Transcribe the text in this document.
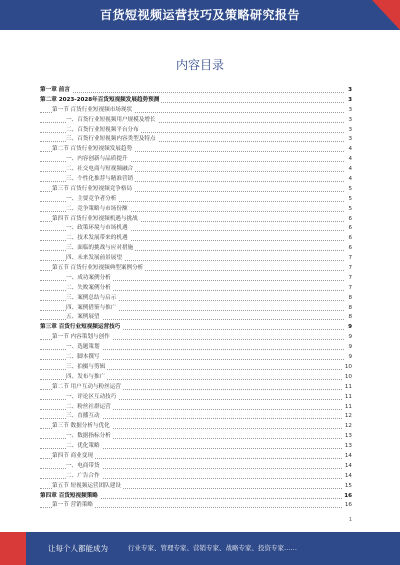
百货短视频运营技巧及策略研究报告
内容目录
第一章 前言	3
第二章 2023-2028年百货短视频发展趋势预测	3
第一节 百货行业短视频市场现状	3
一、百货行业短视频用户规模及增长	3
二、百货行业短视频平台分布	3
三、百货行业短视频内容类型及特点	3
第二节 百货行业短视频发展趋势	4
一、内容创新与品质提升	4
二、社交电商与短视频融合	4
三、个性化推荐与精准营销	4
第三节 百货行业短视频竞争格局	5
一、主要竞争者分析	5
二、竞争策略与市场份额	5
第四节 百货行业短视频机遇与挑战	6
一、政策环境与市场机遇	6
二、技术发展带来的机遇	6
三、面临的挑战与应对措施	6
四、未来发展前景展望	7
第五节 百货行业短视频典型案例分析	7
一、成功案例分析	7
二、失败案例分析	7
三、案例总结与启示	8
四、案例借鉴与推广	8
五、案例展望	8
第三章 百货行业短视频运营技巧	9
第一节 内容策划与创作	9
一、选题策划	9
二、脚本撰写	9
三、拍摄与剪辑	10
四、发布与推广	10
第二节 用户互动与粉丝运营	11
一、评论区互动技巧	11
二、粉丝社群运营	11
三、直播互动	12
第三节 数据分析与优化	12
一、数据指标分析	13
二、优化策略	13
第四节 商业变现	14
一、电商带货	14
二、广告合作	14
第五节 短视频运营团队建设	15
第四章 百货短视频策略	16
第一节 营销策略	16
1
让每个人都能成为	行业专家、管理专家、营销专家、战略专家、投资专家……
